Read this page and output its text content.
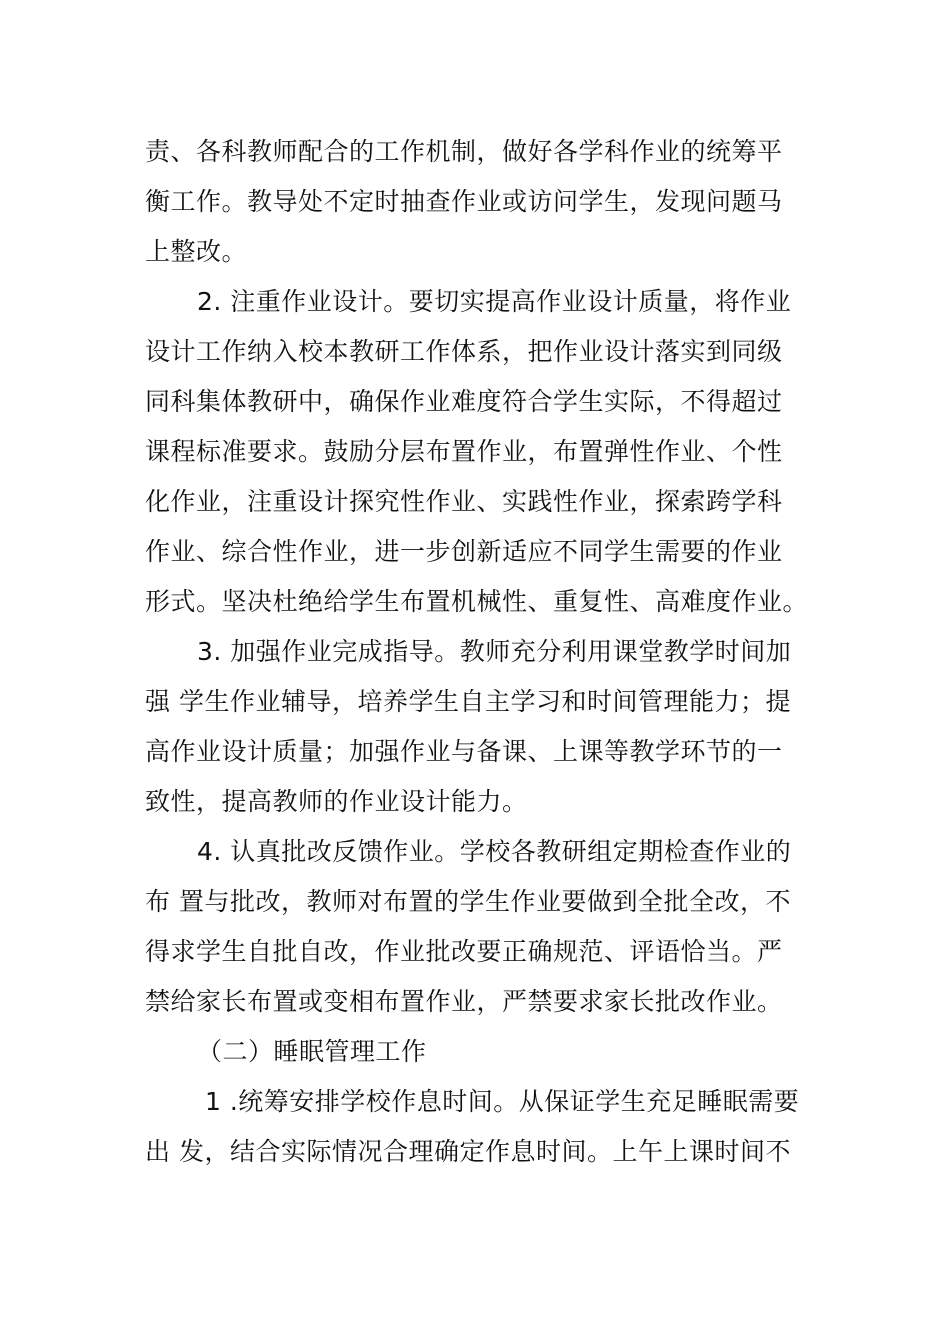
责、各科教师配合的工作机制，做好各学科作业的统筹平
衡工作。教导处不定时抽查作业或访问学生，发现问题马
上整改。
2. 注重作业设计。要切实提高作业设计质量，将作业
设计工作纳入校本教研工作体系，把作业设计落实到同级
同科集体教研中，确保作业难度符合学生实际，不得超过
课程标准要求。鼓励分层布置作业，布置弹性作业、个性
化作业，注重设计探究性作业、实践性作业，探索跨学科
作业、综合性作业，进一步创新适应不同学生需要的作业
形式。坚决杜绝给学生布置机械性、重复性、高难度作业。
3. 加强作业完成指导。教师充分利用课堂教学时间加
强 学生作业辅导，培养学生自主学习和时间管理能力；提
高作业设计质量；加强作业与备课、上课等教学环节的一
致性，提高教师的作业设计能力。
4. 认真批改反馈作业。学校各教研组定期检查作业的
布 置与批改，教师对布置的学生作业要做到全批全改，不
得求学生自批自改，作业批改要正确规范、评语恰当。严
禁给家长布置或变相布置作业，严禁要求家长批改作业。
（二）睡眠管理工作
1 .统筹安排学校作息时间。从保证学生充足睡眠需要
出 发，结合实际情况合理确定作息时间。上午上课时间不
